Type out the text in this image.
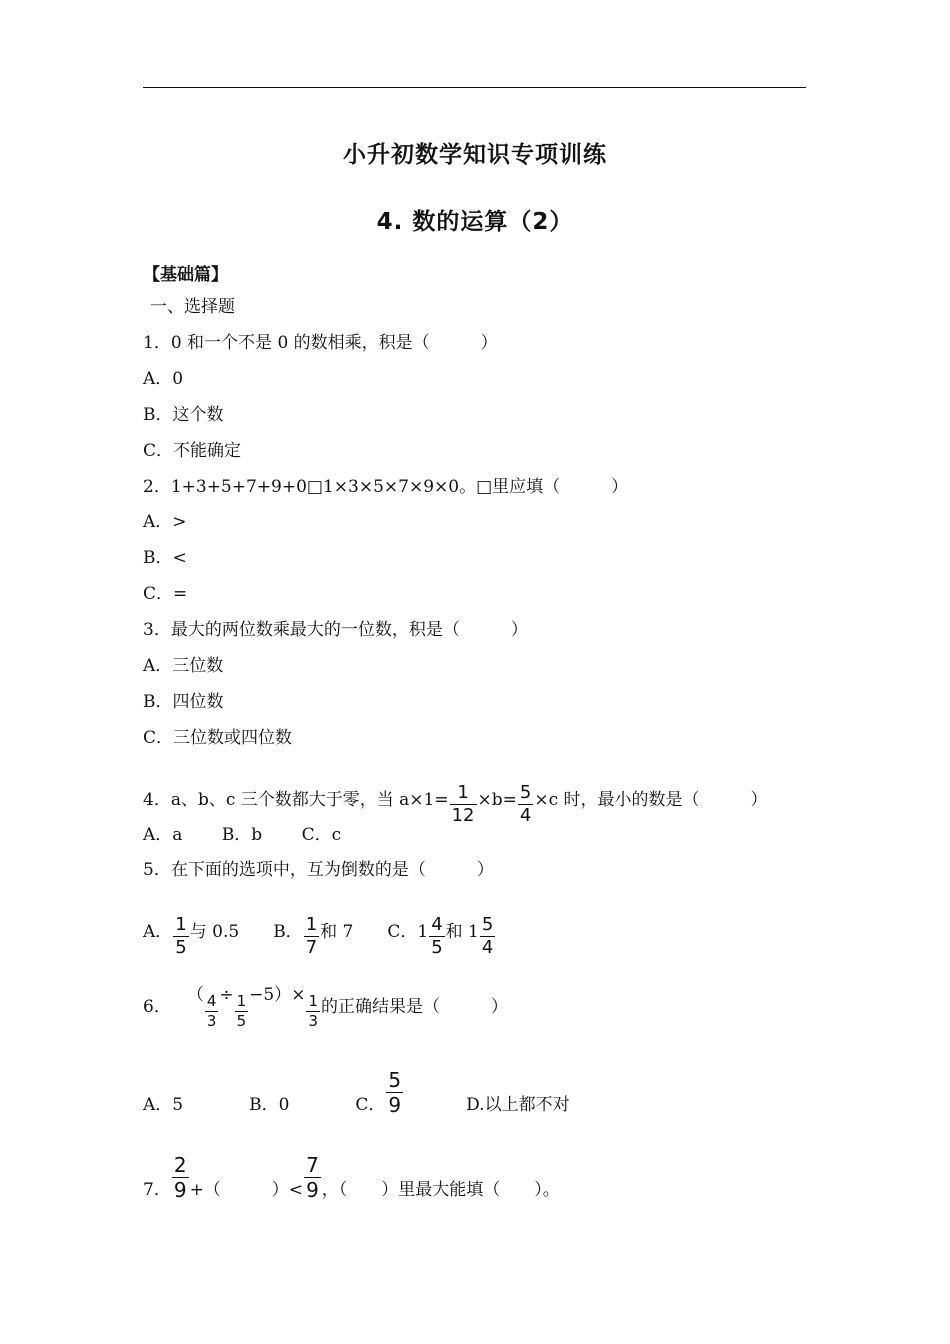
小升初数学知识专项训练
4. 数的运算（2）
【基础篇】
一、选择题
1．0 和一个不是 0 的数相乘，积是（　　　）
A．0
B．这个数
C．不能确定
2．1+3+5+7+9+0□1×3×5×7×9×0。□里应填（　　　）
A．>
B．<
C．=
3．最大的两位数乘最大的一位数，积是（　　　）
A．三位数
B．四位数
C．三位数或四位数
4．a、b、c 三个数都大于零，当 $a\times 1= \frac{1}{12} \times b= \frac{5}{4} \times c$ 时，最小的数是（　　　）
A．a　　 B．b　　 C．c
5．在下面的选项中，互为倒数的是（　　　）
A． $\frac{1}{5}$ 与 0.5 B． $\frac{1}{7}$ 和 7 C．$1 \frac{4}{5}$ 和 $1 \frac{5}{4}$
6．（ $\frac{4}{3} \div \frac{1}{5} -5)\times \frac{1}{3}$ 的正确结果是（　　　）
A．5	B．0	C． $\frac{5}{9}$	D.以上都不对
7． $\frac{2}{9}$ +（　　　）< $\frac{7}{9}$ ，（　　）里最大能填（　　）。
